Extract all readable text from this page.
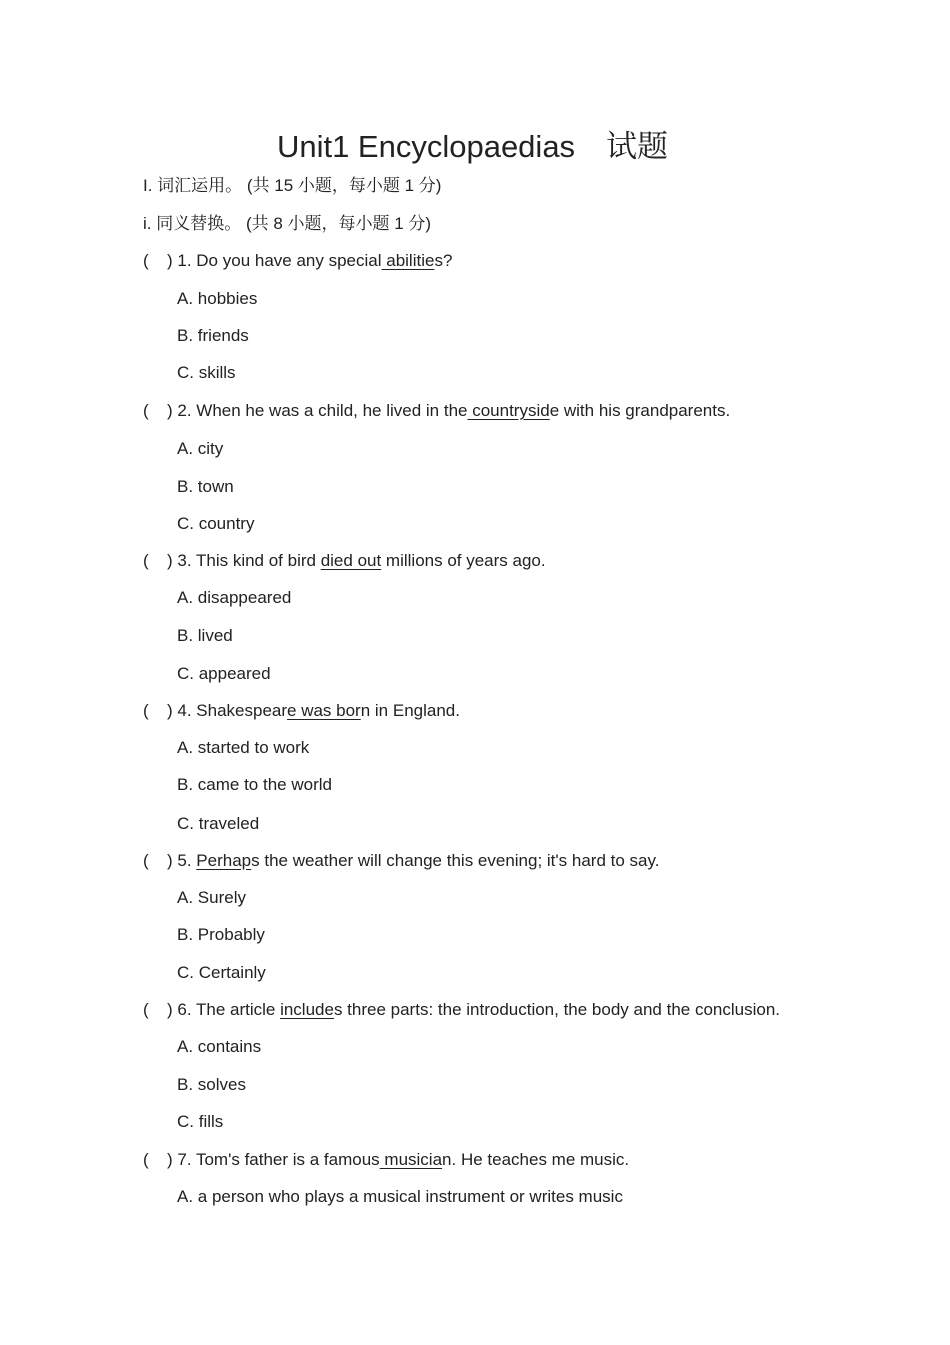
Unit1 Encyclopaedias　试题
I. 词汇运用。 (共 15 小题，每小题 1 分)
i. 同义替换。 (共 8 小题，每小题 1 分)
( ) 1. Do you have any special abilities?
A. hobbies
B. friends
C. skills
( ) 2. When he was a child, he lived in the countryside with his grandparents.
A. city
B. town
C. country
( ) 3. This kind of bird died out millions of years ago.
A. disappeared
B. lived
C. appeared
( ) 4. Shakespeare was born in England.
A. started to work
B. came to the world
C. traveled
( ) 5. Perhaps the weather will change this evening; it's hard to say.
A. Surely
B. Probably
C. Certainly
( ) 6. The article includes three parts: the introduction, the body and the conclusion.
A. contains
B. solves
C. fills
( ) 7. Tom's father is a famous musician. He teaches me music.
A. a person who plays a musical instrument or writes music
